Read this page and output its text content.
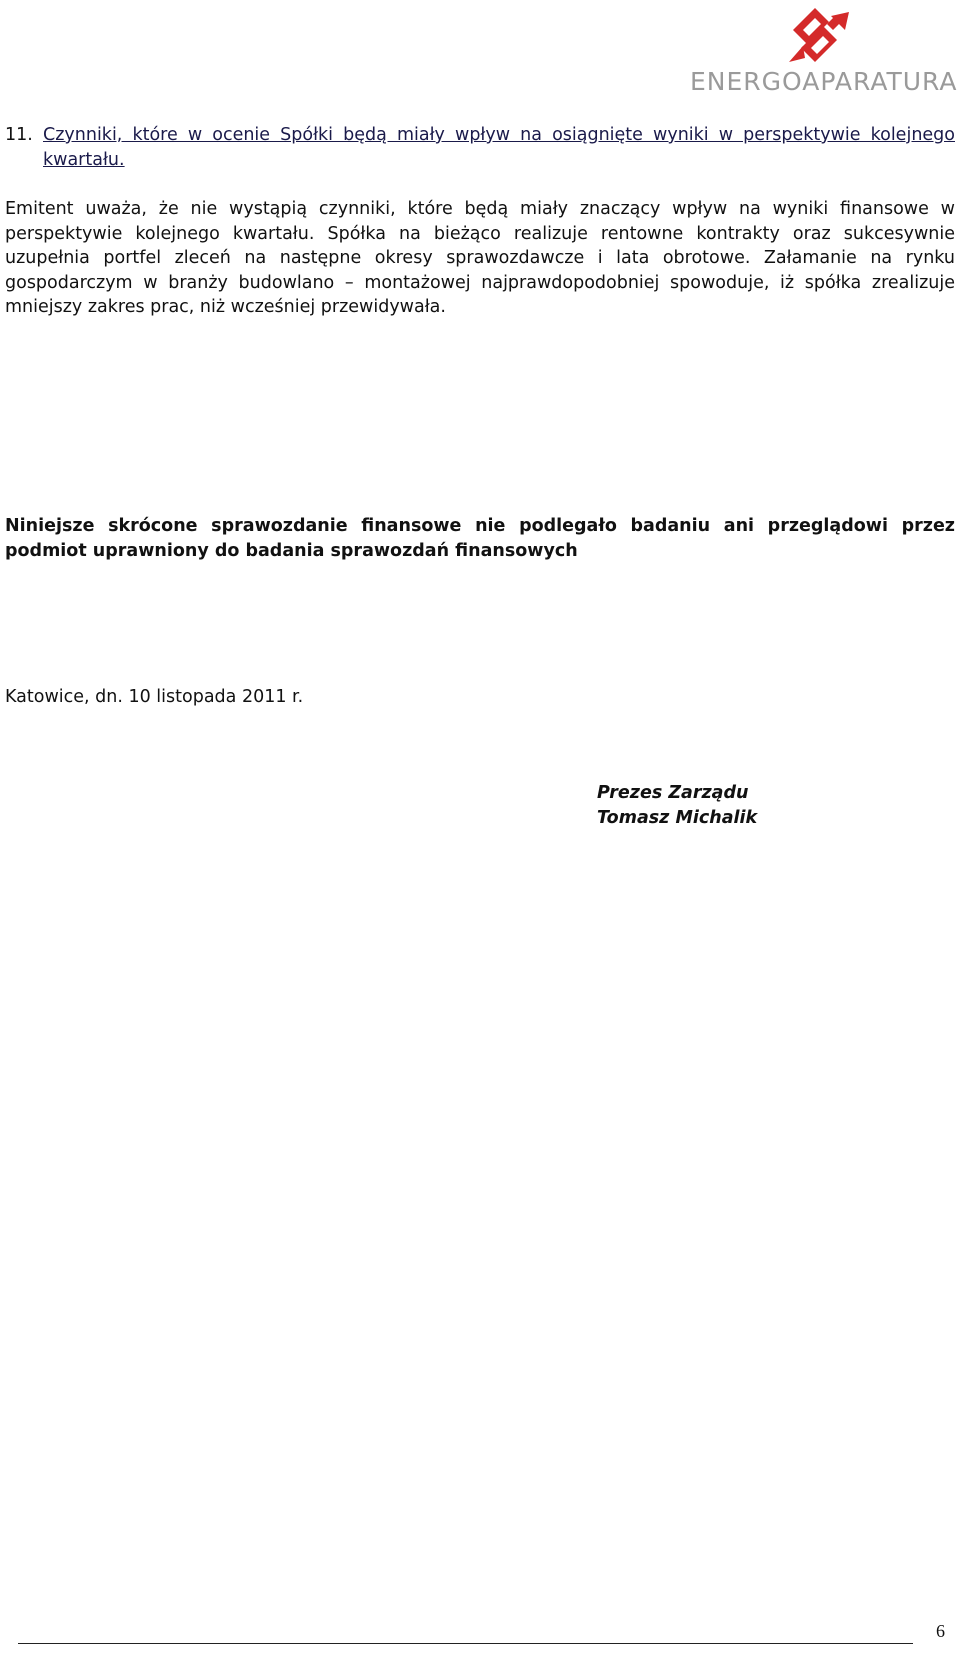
ENERGOAPARATURA
11. Czynniki, które w ocenie Spółki będą miały wpływ na osiągnięte wyniki w perspektywie kolejnego kwartału.
Emitent uważa, że nie wystąpią czynniki, które będą miały znaczący wpływ na wyniki finansowe w perspektywie kolejnego kwartału. Spółka na bieżąco realizuje rentowne kontrakty oraz sukcesywnie uzupełnia portfel zleceń na następne okresy sprawozdawcze i lata obrotowe. Załamanie na rynku gospodarczym w branży budowlano – montażowej najprawdopodobniej spowoduje, iż spółka zrealizuje mniejszy zakres prac, niż wcześniej przewidywała.
Niniejsze skrócone sprawozdanie finansowe nie podlegało badaniu ani przeglądowi przez podmiot uprawniony do badania sprawozdań finansowych
Katowice, dn. 10 listopada 2011 r.
Prezes Zarządu
Tomasz Michalik
6
